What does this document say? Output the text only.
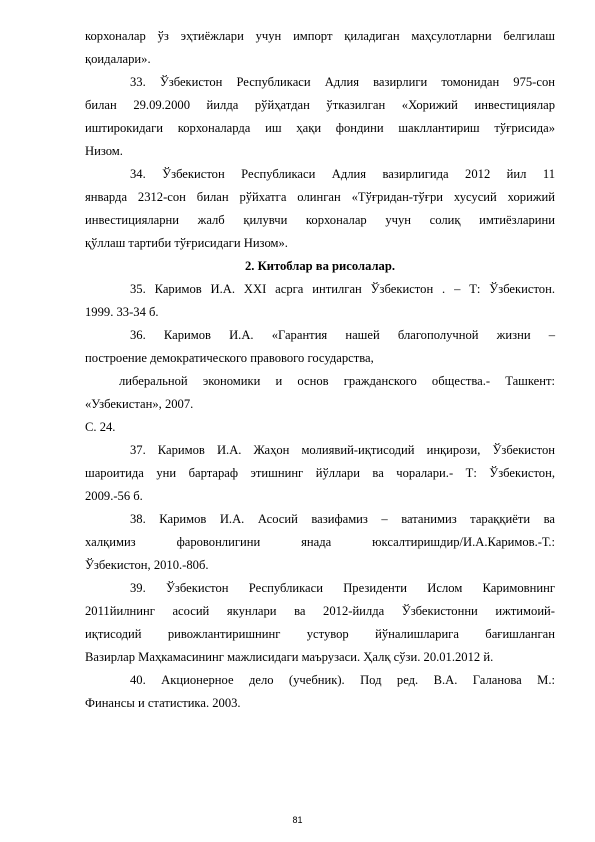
корхоналар ўз эҳтиёжлари учун импорт қиладиган маҳсулотларни белгилаш
қоидалари».
33. Ўзбекистон Республикаси Адлия вазирлиги томонидан 975-сон
билан 29.09.2000 йилда рўйҳатдан ўтказилган «Хорижий инвестициялар
иштирокидаги корхоналарда иш ҳақи фондини шакллантириш тўғрисида»
Низом.
34. Ўзбекистон Республикаси Адлия вазирлигида 2012 йил 11
январда 2312-сон билан рўйхатга олинган «Тўғридан-тўғри хусусий хорижий
инвестицияларни жалб қилувчи корхоналар учун солиқ имтиёзларини
қўллаш тартиби тўғрисидаги Низом».
2. Китоблар ва рисолалар.
35. Каримов И.А. XXI асрга интилган Ўзбекистон . – Т: Ўзбекистон.
1999. 33-34 б.
36. Каримов И.А. «Гарантия нашей благополучной жизни –
построение демократического правового государства,
либеральной экономики и основ гражданского общества.- Ташкент:
«Узбекистан», 2007.
С. 24.
37. Каримов И.А. Жаҳон молиявий-иқтисодий инқирози, Ўзбекистон
шароитида уни бартараф этишнинг йўллари ва чоралари.- Т: Ўзбекистон,
2009.-56 б.
38. Каримов И.А. Асосий вазифамиз – ватанимиз тараққиёти ва
халқимиз фаровонлигини янада юксалтиришдир/И.А.Каримов.-Т.:
Ўзбекистон, 2010.-80б.
39. Ўзбекистон Республикаси Президенти Ислом Каримовнинг
2011йилнинг асосий якунлари ва 2012-йилда Ўзбекистонни ижтимоий-
иқтисодий ривожлантиришнинг устувор йўналишларига бағишланган
Вазирлар Маҳкамасининг мажлисидаги маърузаси. Ҳалқ сўзи. 20.01.2012 й.
40. Акционерное дело (учебник). Под ред. В.А. Галанова М.:
Финансы и статистика. 2003.
81
